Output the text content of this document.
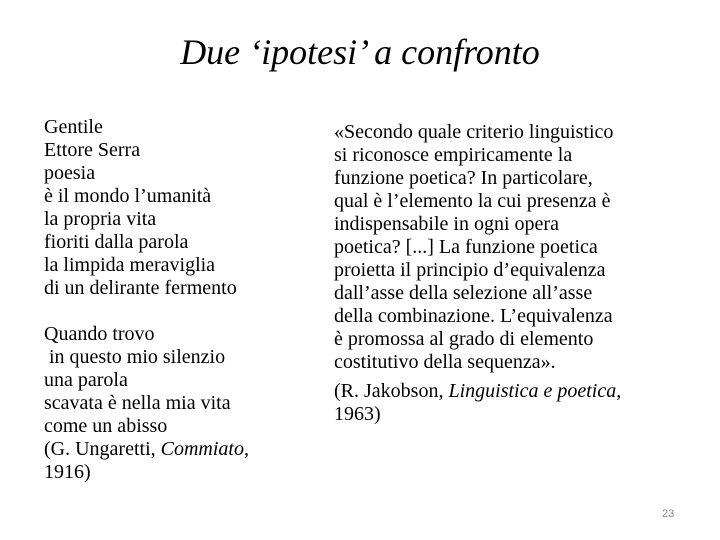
Due ‘ipotesi’ a confronto
Gentile
Ettore Serra
poesia
è il mondo l’umanità
la propria vita
fioriti dalla parola
la limpida meraviglia
di un delirante fermento
Quando trovo
in questo mio silenzio
una parola
scavata è nella mia vita
come un abisso
(G. Ungaretti, Commiato,
1916)
«Secondo quale criterio linguistico
si riconosce empiricamente la
funzione poetica? In particolare,
qual è l’elemento la cui presenza è
indispensabile in ogni opera
poetica? [...] La funzione poetica
proietta il principio d’equivalenza
dall’asse della selezione all’asse
della combinazione. L’equivalenza
è promossa al grado di elemento
costitutivo della sequenza».
(R. Jakobson, Linguistica e poetica,
1963)
23
